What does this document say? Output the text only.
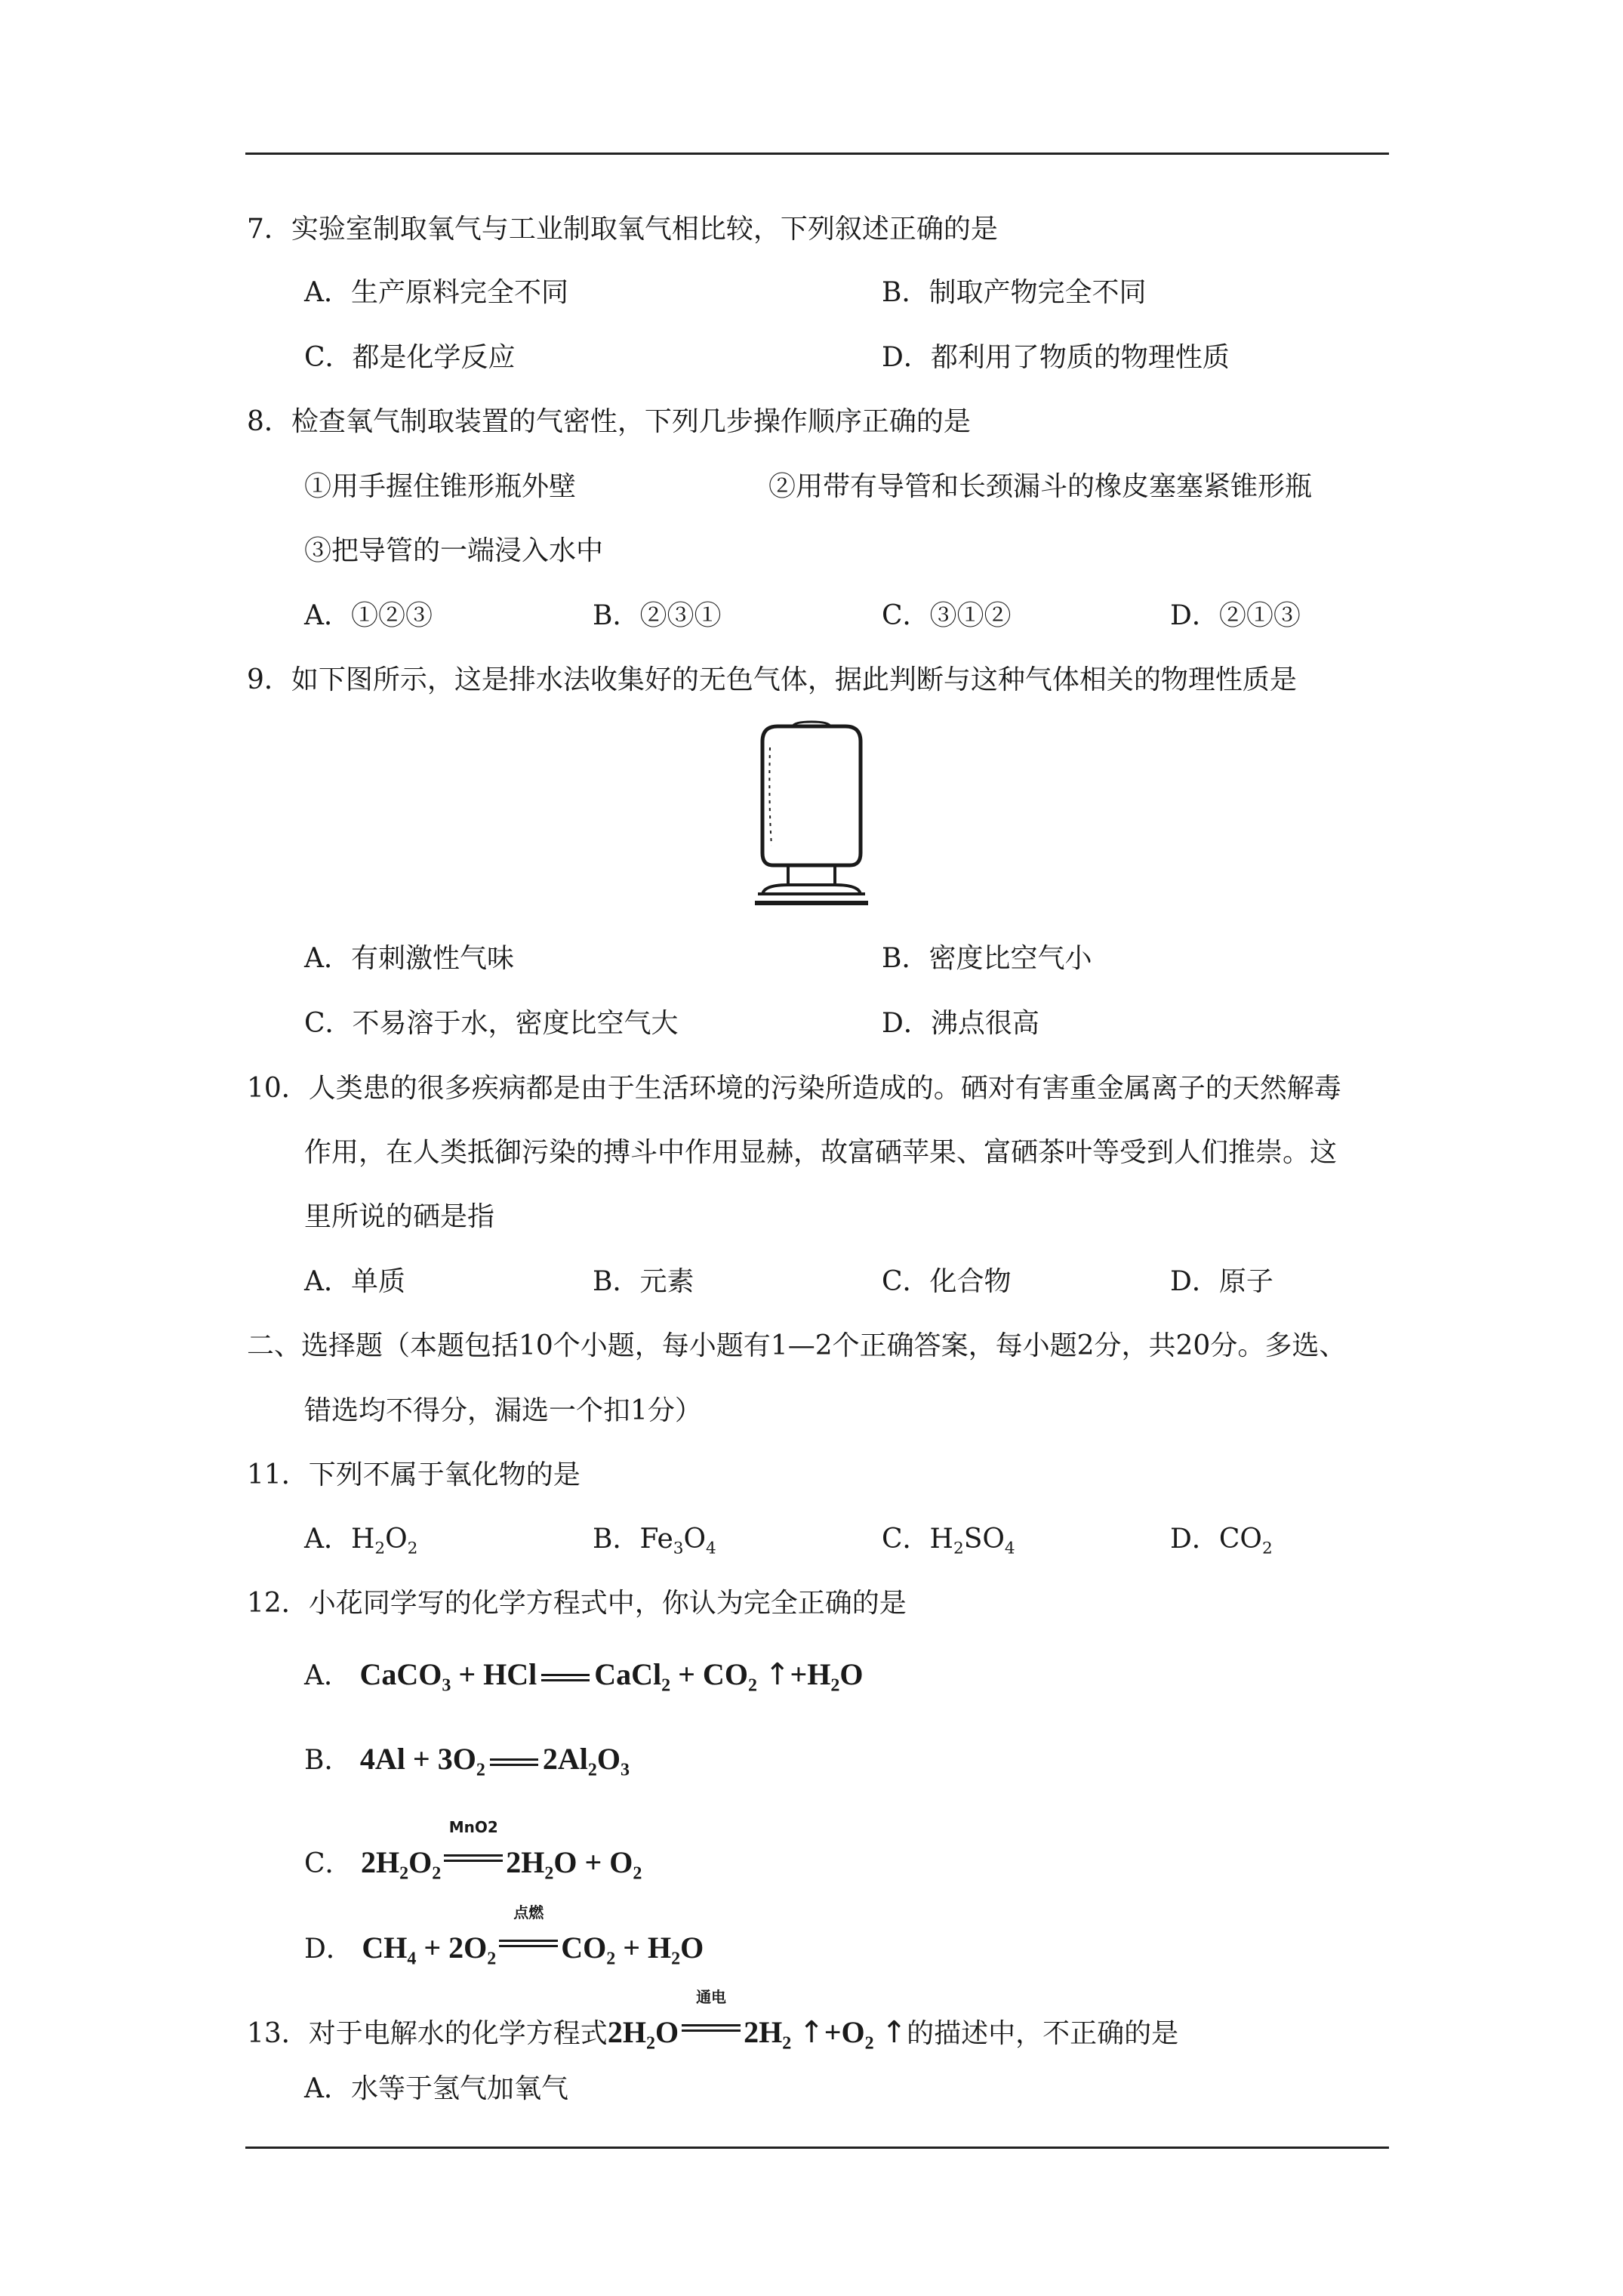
7．实验室制取氧气与工业制取氧气相比较，下列叙述正确的是
A．生产原料完全不同	B．制取产物完全不同
C．都是化学反应	D．都利用了物质的物理性质
8．检查氧气制取装置的气密性，下列几步操作顺序正确的是
①用手握住锥形瓶外壁	②用带有导管和长颈漏斗的橡皮塞塞紧锥形瓶
③把导管的一端浸入水中
A．①②③	B．②③①	C．③①②	D．②①③
9．如下图所示，这是排水法收集好的无色气体，据此判断与这种气体相关的物理性质是
A．有刺激性气味	B．密度比空气小
C．不易溶于水，密度比空气大	D．沸点很高
10．人类患的很多疾病都是由于生活环境的污染所造成的。硒对有害重金属离子的天然解毒
作用，在人类抵御污染的搏斗中作用显赫，故富硒苹果、富硒茶叶等受到人们推崇。这
里所说的硒是指
A．单质	B．元素	C．化合物	D．原子
二、选择题（本题包括10个小题，每小题有1—2个正确答案，每小题2分，共20分。多选、
错选均不得分，漏选一个扣1分）
11．下列不属于氧化物的是
A．$H_2O_2$	B．$Fe_3O_4$	C．$H_2SO_4$	D．$CO_2$
12．小花同学写的化学方程式中，你认为完全正确的是
A． CaCO$_3$ + HCl CaCl$_2$ + $CO_2$ $↑+H_2O$
B． $4Al + 3O_2$ $2Al_2O_3$
C． $2H_2O_2$
MnO2
$2H_2O + O_2$
D． $CH_4 + 2O_2$
点燃
$CO_2 + H_2O$
13．对于电解水的化学方程式$2H_2O$
通电
$2H_2$ $↑+O_2$ ↑的描述中，不正确的是
A．水等于氢气加氧气
